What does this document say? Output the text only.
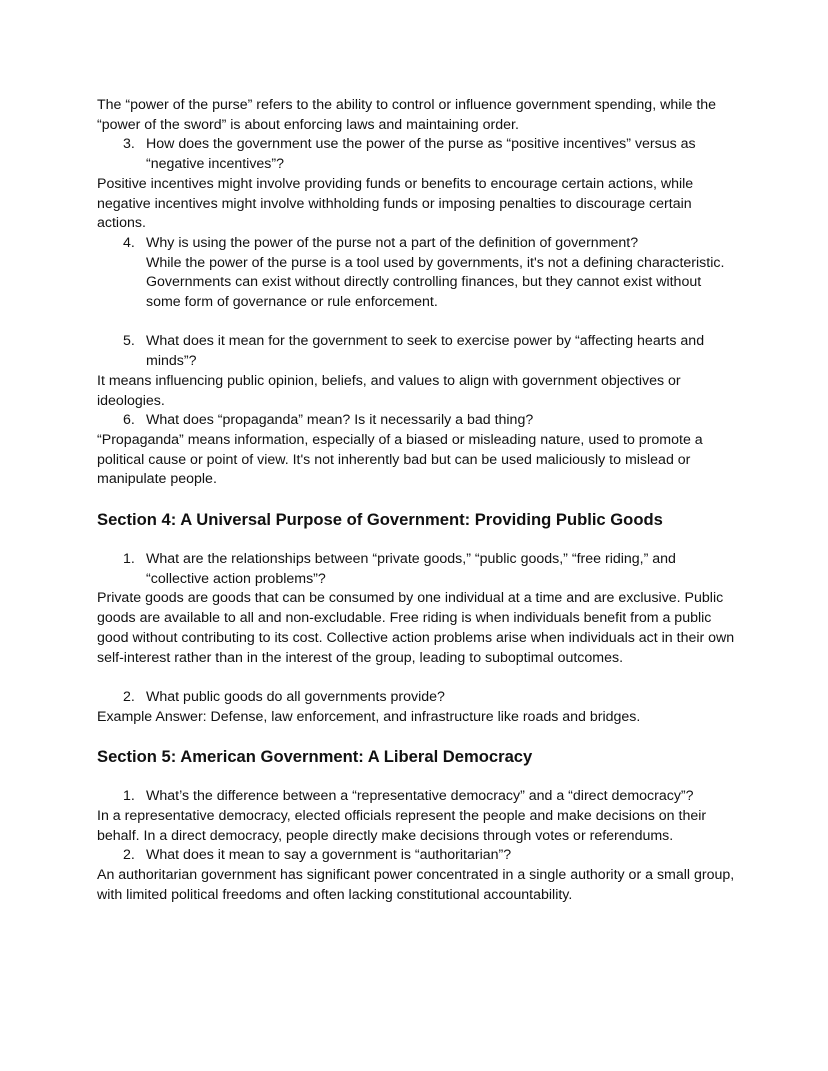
The “power of the purse” refers to the ability to control or influence government spending, while the “power of the sword” is about enforcing laws and maintaining order.

3. How does the government use the power of the purse as “positive incentives” versus as “negative incentives”?

Positive incentives might involve providing funds or benefits to encourage certain actions, while negative incentives might involve withholding funds or imposing penalties to discourage certain actions.

4. Why is using the power of the purse not a part of the definition of government?

While the power of the purse is a tool used by governments, it's not a defining characteristic. Governments can exist without directly controlling finances, but they cannot exist without some form of governance or rule enforcement.

5. What does it mean for the government to seek to exercise power by “affecting hearts and minds”?

It means influencing public opinion, beliefs, and values to align with government objectives or ideologies.

6. What does “propaganda” mean? Is it necessarily a bad thing?

“Propaganda” means information, especially of a biased or misleading nature, used to promote a political cause or point of view. It's not inherently bad but can be used maliciously to mislead or manipulate people.

Section 4: A Universal Purpose of Government: Providing Public Goods
1. What are the relationships between “private goods,” “public goods,” “free riding,” and “collective action problems”?

Private goods are goods that can be consumed by one individual at a time and are exclusive. Public goods are available to all and non-excludable. Free riding is when individuals benefit from a public good without contributing to its cost. Collective action problems arise when individuals act in their own self-interest rather than in the interest of the group, leading to suboptimal outcomes.

2. What public goods do all governments provide?

Example Answer: Defense, law enforcement, and infrastructure like roads and bridges.

Section 5: American Government: A Liberal Democracy
1. What’s the difference between a “representative democracy” and a “direct democracy”?

In a representative democracy, elected officials represent the people and make decisions on their behalf. In a direct democracy, people directly make decisions through votes or referendums.

2. What does it mean to say a government is “authoritarian”?

An authoritarian government has significant power concentrated in a single authority or a small group, with limited political freedoms and often lacking constitutional accountability.
